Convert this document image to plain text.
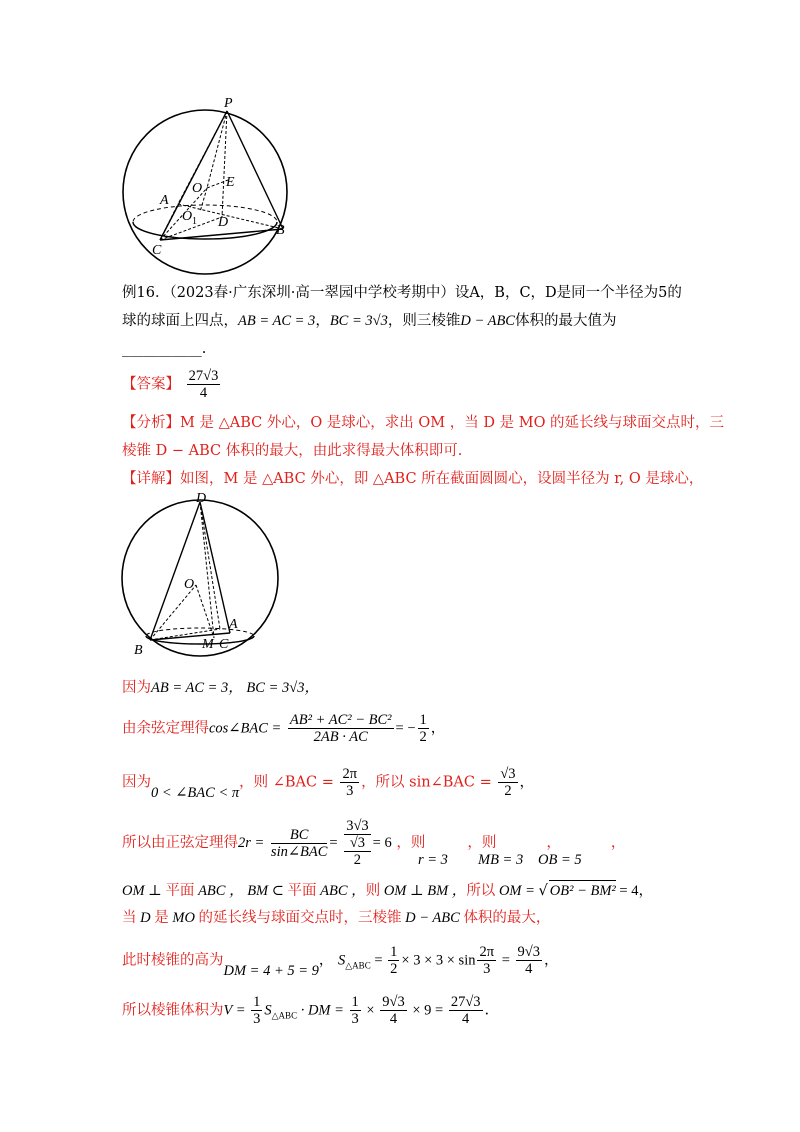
P
O E
A
O 1 D
C
B
例16．（2023春·广东深圳·高一翠园中学校考期中）设A，B，C，D是同一个半径为5的
球的球面上四点，AB = AC = 3，BC = 3√3，则三棱锥D − ABC体积的最大值为
___________.
【答案】 $\frac{27√3}{4}$
【分析】M 是 △ABC 外心，O 是球心，求出 OM ，当 D 是 MO 的延长线与球面交点时，三
棱锥 D − ABC 体积的最大，由此求得最大体积即可.
【详解】如图，M 是 △ABC 外心，即 △ABC 所在截面圆圆心，设圆半径为 r, O 是球心，
D
O
A
M C
B
因为AB = AC = 3， BC = 3√3，
由余弦定理得cos∠BAC = $\frac{\text{AB² + AC² − BC²}}{2AB \cdot AC}$ = − $\frac{1}{2}$ ，
因为0 < ∠BAC < π，则 ∠BAC = $\frac{2\pi}{3}$ ，所以 sin∠BAC = $\frac{√3}{2}$ ，
所以由正弦定理得$2r = \frac{BC}{\text{sin∠BAC}}$ =
3√3
√3
2
= 6 ，则	，则	，	，
r = 3 MB = 3 OB = 5
OM ⊥ 平面 ABC ， BM ⊂ 平面 ABC ，则 OM ⊥ BM ，所以 OM = √ OB² − BM² = 4，
当 D 是 MO 的延长线与球面交点时，三棱锥 D − ABC 体积的最大，
此时棱锥的高为DM = 4 + 5 = 9， $S_{\triangle ABC} = \frac{1}{2} \times 3 \times 3 \times \sin \frac{2\pi}{3} = \frac{9√3}{4}$ ，
所以棱锥体积为$V = \frac{1}{3} S_{\triangle ABC}$ · DM = $\frac{1}{3} \times \frac{9√3}{4} \times 9 = \frac{27√3}{4}$ .
